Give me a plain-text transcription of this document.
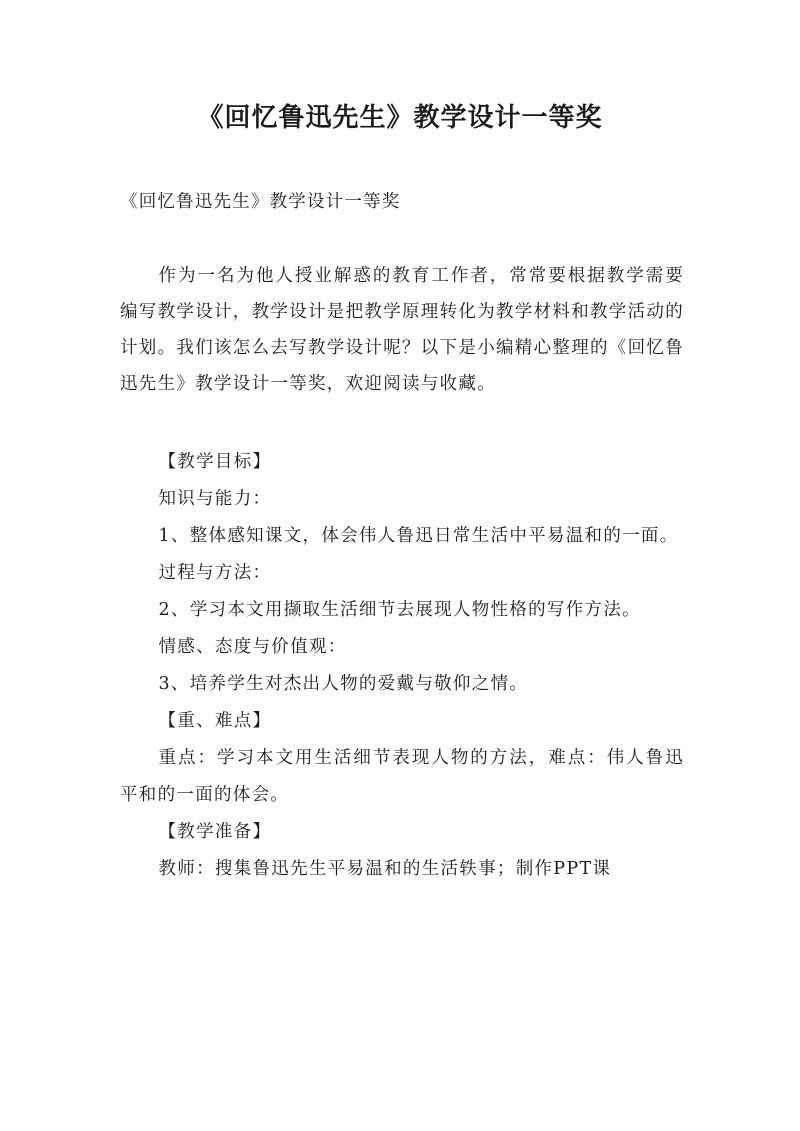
《回忆鲁迅先生》教学设计一等奖

《回忆鲁迅先生》教学设计一等奖

作为一名为他人授业解惑的教育工作者，常常要根据教学需要编写教学设计，教学设计是把教学原理转化为教学材料和教学活动的计划。我们该怎么去写教学设计呢？以下是小编精心整理的《回忆鲁迅先生》教学设计一等奖，欢迎阅读与收藏。

【教学目标】

知识与能力：

1、整体感知课文，体会伟人鲁迅日常生活中平易温和的一面。

过程与方法：

2、学习本文用撷取生活细节去展现人物性格的写作方法。

情感、态度与价值观：

3、培养学生对杰出人物的爱戴与敬仰之情。

【重、难点】

重点：学习本文用生活细节表现人物的方法，难点：伟人鲁迅平和的一面的体会。

【教学准备】

教师：搜集鲁迅先生平易温和的生活轶事；制作PPT课
